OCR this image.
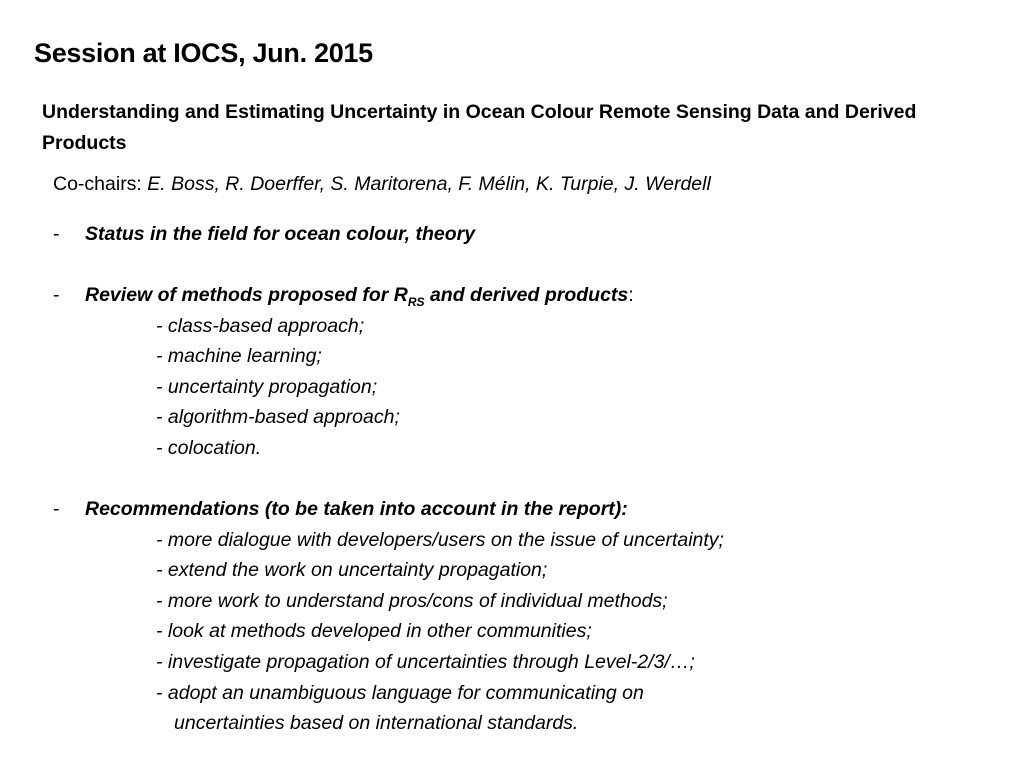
Session at IOCS, Jun. 2015
Understanding and Estimating Uncertainty in Ocean Colour Remote Sensing Data and Derived Products
Co-chairs: E. Boss, R. Doerffer, S. Maritorena, F. Mélin, K. Turpie, J. Werdell
- Status in the field for ocean colour, theory
- Review of methods proposed for $R_{RS}$ and derived products:
- class-based approach;
- machine learning;
- uncertainty propagation;
- algorithm-based approach;
- colocation.
- Recommendations (to be taken into account in the report):
- more dialogue with developers/users on the issue of uncertainty;
- extend the work on uncertainty propagation;
- more work to understand pros/cons of individual methods;
- look at methods developed in other communities;
- investigate propagation of uncertainties through Level-2/3/…;
- adopt an unambiguous language for communicating on
uncertainties based on international standards.
